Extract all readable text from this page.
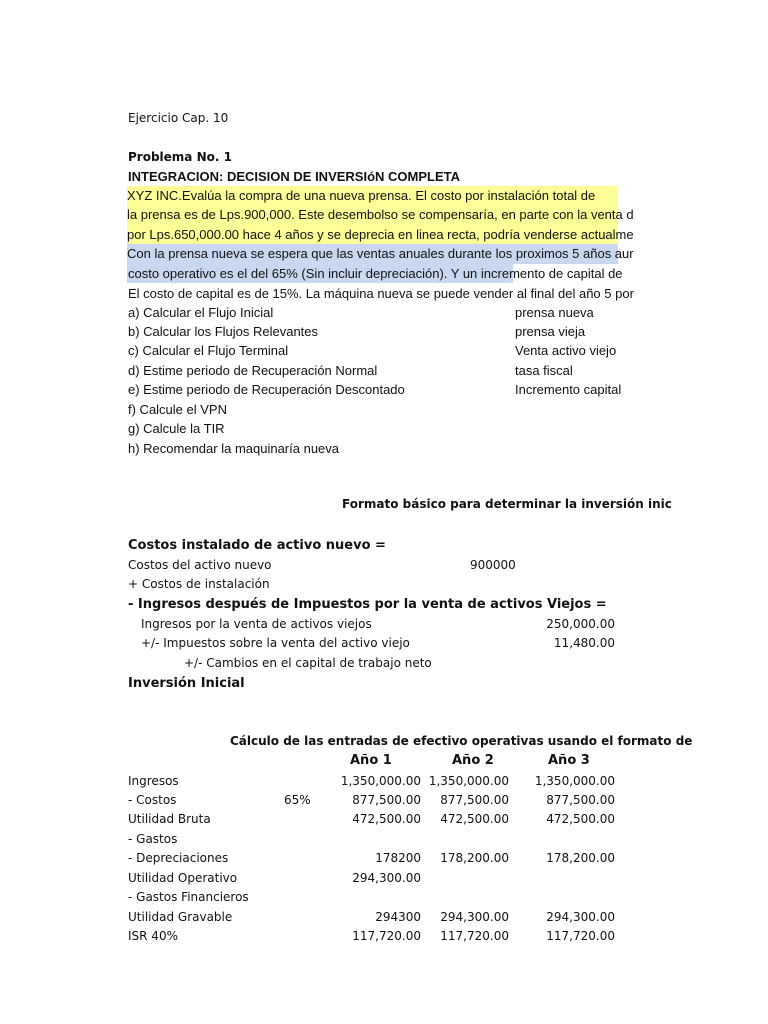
Ejercicio Cap. 10
Problema No. 1
INTEGRACION: DECISION DE INVERSIóN COMPLETA
XYZ INC.Evalúa la compra de una nueva prensa. El costo por instalación total de
la prensa es de Lps.900,000. Este desembolso se compensaría, en parte con la venta d
por Lps.650,000.00 hace 4 años y se deprecia en linea recta, podría venderse actualme
Con la prensa nueva se espera que las ventas anuales durante los proximos 5 años aur
costo operativo es el del 65% (Sin incluir depreciación). Y un incremento de capital de
El costo de capital es de 15%. La máquina nueva se puede vender al final del año 5 por
a) Calcular el Flujo Inicial
b) Calcular los Flujos Relevantes
c) Calcular el Flujo Terminal
d) Estime periodo de Recuperación Normal
e) Estime periodo de Recuperación Descontado
f) Calcule el VPN
g) Calcule la TIR
h) Recomendar la maquinaría nueva
prensa nueva
prensa vieja
Venta activo viejo
tasa fiscal
Incremento capital
Formato básico para determinar la inversión inic
Costos instalado de activo nuevo =
Costos del activo nuevo	900000
+ Costos de instalación
- Ingresos después de Impuestos por la venta de activos Viejos =
Ingresos por la venta de activos viejos	250,000.00
+/- Impuestos sobre la venta del activo viejo	11,480.00
+/- Cambios en el capital de trabajo neto
Inversión Inicial
Cálculo de las entradas de efectivo operativas usando el formato de
Año 1	Año 2	Año 3
Ingresos	1,350,000.00 1,350,000.00	1,350,000.00
- Costos	65%	877,500.00	877,500.00	877,500.00
Utilidad Bruta	472,500.00	472,500.00	472,500.00
- Gastos
- Depreciaciones	178200	178,200.00	178,200.00
Utilidad Operativo	294,300.00
- Gastos Financieros
Utilidad Gravable	294300	294,300.00	294,300.00
ISR 40%	117,720.00	117,720.00	117,720.00
